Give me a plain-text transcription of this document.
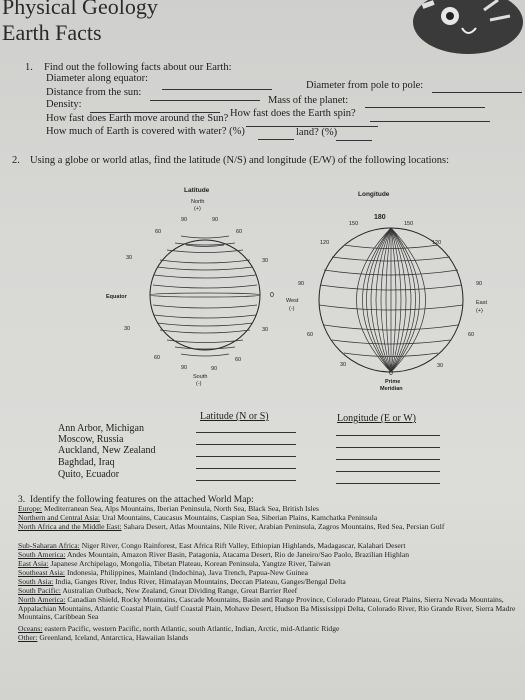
Physical Geology
Earth Facts
1. Find out the following facts about our Earth:
Diameter along equator:
Diameter from pole to pole:
Distance from the sun:
Mass of the planet:
Density:
How fast does the Earth spin?
How fast does Earth move around the Sun?
How much of Earth is covered with water? (%)	land? (%)
2. Using a globe or world atlas, find the latitude (N/S) and longitude (E/W) of the following locations:
Latitude
North
(+)
Equator
South
(-)
90	90
60	60
30	30
0
30	30
60	60
90	90
Longitude
West
(-)
East
(+)
Prime
Meridian
180
150	150
120	120
90	90
60	60
30	30
0
Latitude (N or S)	Longitude (E or W)
Ann Arbor, Michigan
Moscow, Russia
Auckland, New Zealand
Baghdad, Iraq
Quito, Ecuador
3. Identify the following features on the attached World Map:
Europe: Mediterranean Sea, Alps Mountains, Iberian Peninsula, North Sea, Black Sea, British Isles
Northern and Central Asia: Ural Mountains, Caucasus Mountains, Caspian Sea, Siberian Plains, Kamchatka Peninsula
North Africa and the Middle East: Sahara Desert, Atlas Mountains, Nile River, Arabian Peninsula, Zagros Mountains, Red Sea, Persian Gulf
Sub-Saharan Africa: Niger River, Congo Rainforest, East Africa Rift Valley, Ethiopian Highlands, Madagascar, Kalahari Desert
South America: Andes Mountain, Amazon River Basin, Patagonia, Atacama Desert, Rio de Janeiro/Sao Paolo, Brazilian Highlan
East Asia: Japanese Archipelago, Mongolia, Tibetan Plateau, Korean Peninsula, Yangtze River, Taiwan
Southeast Asia: Indonesia, Philippines, Mainland (Indochina), Java Trench, Papua-New Guinea
South Asia: India, Ganges River, Indus River, Himalayan Mountains, Deccan Plateau, Ganges/Bengal Delta
South Pacific: Australian Outback, New Zealand, Great Dividing Range, Great Barrier Reef
North America: Canadian Shield, Rocky Mountains, Cascade Mountains, Basin and Range Province, Colorado Plateau, Great Plains, Sierra Nevada Mountains, Appalachian Mountains, Atlantic Coastal Plain, Gulf Coastal Plain, Mohave Desert, Hudson Ba Mississippi Delta, Colorado River, Rio Grande River, Sierra Madre Mountains, Caribbean Sea
Oceans: eastern Pacific, western Pacific, north Atlantic, south Atlantic, Indian, Arctic, mid-Atlantic Ridge
Other: Greenland, Iceland, Antarctica, Hawaiian Islands
